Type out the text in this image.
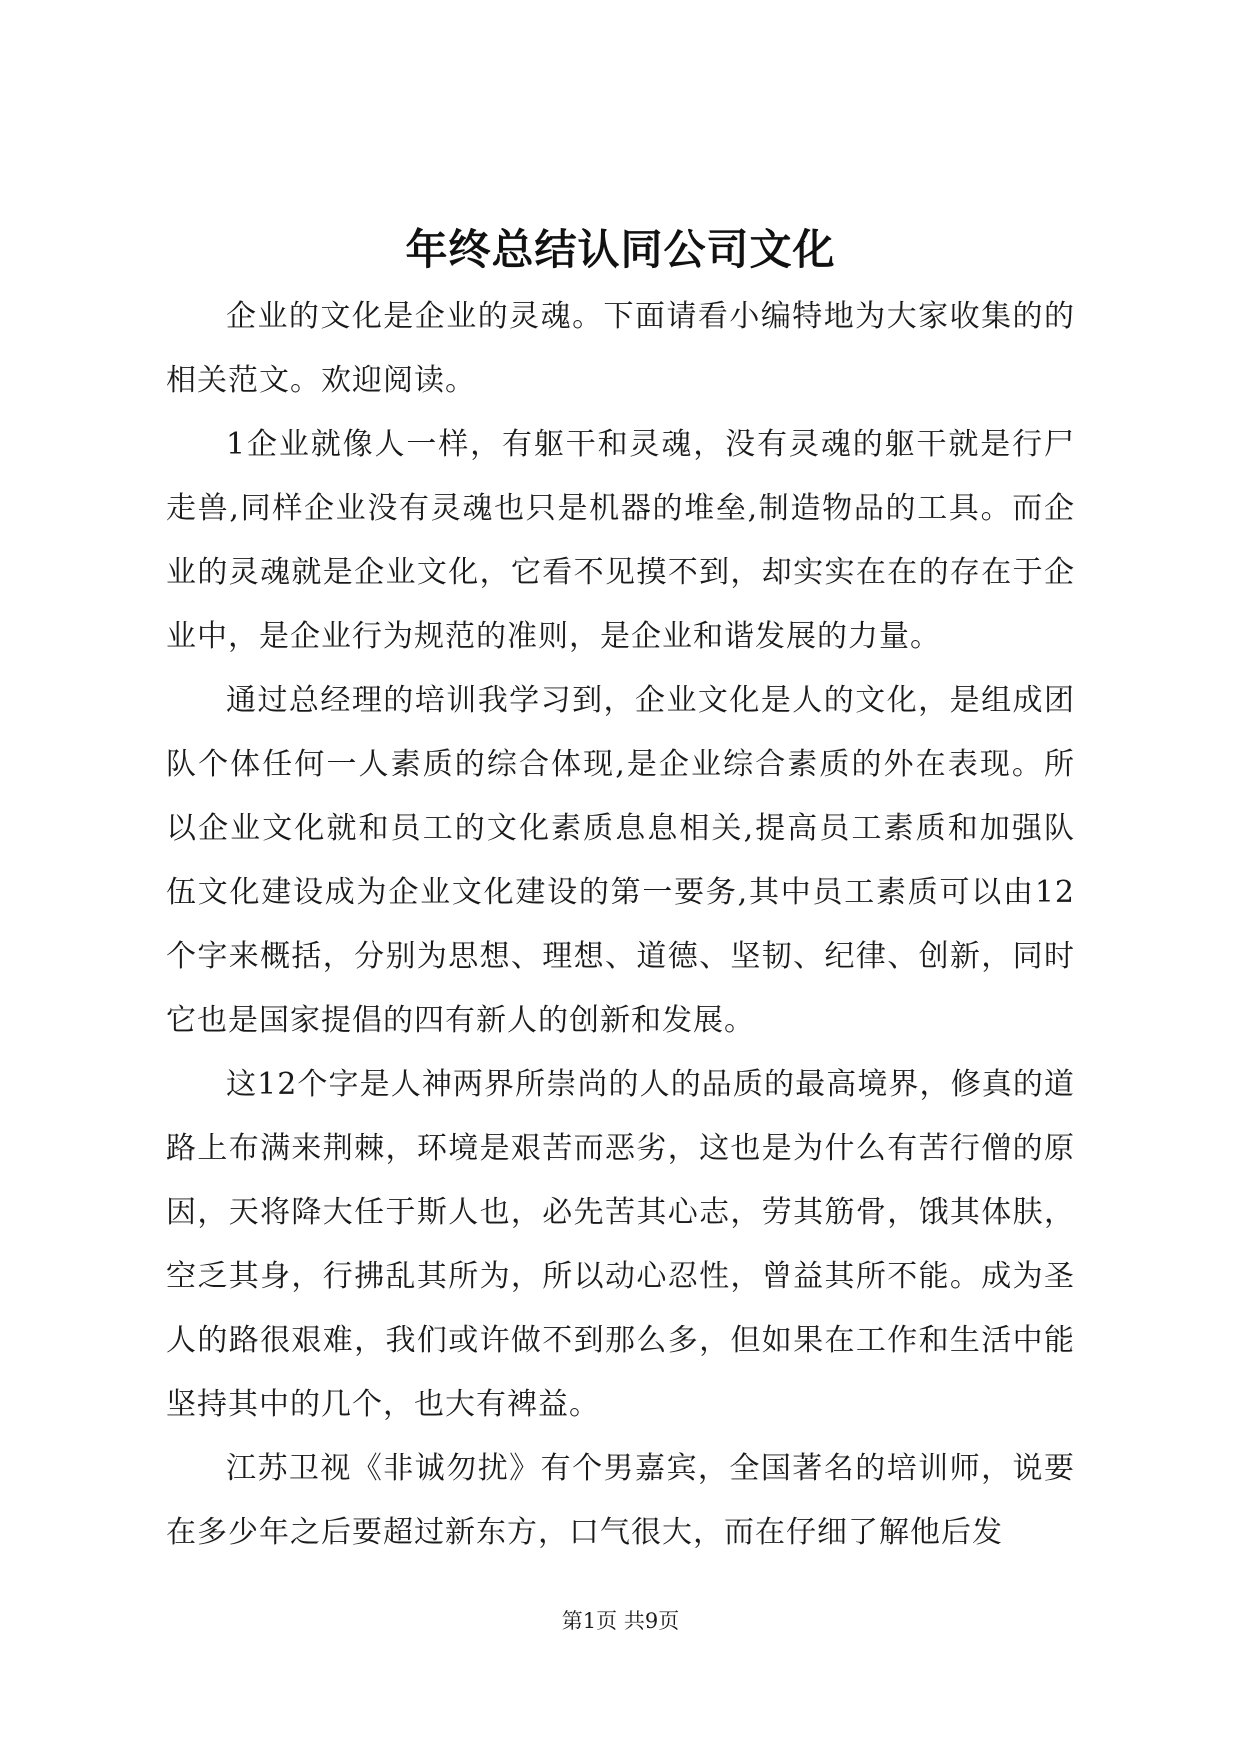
年终总结认同公司文化

企业的文化是企业的灵魂。下面请看小编特地为大家收集的的相关范文。欢迎阅读。

1企业就像人一样，有躯干和灵魂，没有灵魂的躯干就是行尸走兽,同样企业没有灵魂也只是机器的堆垒,制造物品的工具。而企业的灵魂就是企业文化，它看不见摸不到，却实实在在的存在于企业中，是企业行为规范的准则，是企业和谐发展的力量。

通过总经理的培训我学习到，企业文化是人的文化，是组成团队个体任何一人素质的综合体现,是企业综合素质的外在表现。所以企业文化就和员工的文化素质息息相关,提高员工素质和加强队伍文化建设成为企业文化建设的第一要务,其中员工素质可以由12个字来概括，分别为思想、理想、道德、坚韧、纪律、创新，同时它也是国家提倡的四有新人的创新和发展。

这12个字是人神两界所崇尚的人的品质的最高境界，修真的道路上布满来荆棘，环境是艰苦而恶劣，这也是为什么有苦行僧的原因，天将降大任于斯人也，必先苦其心志，劳其筋骨，饿其体肤，空乏其身，行拂乱其所为，所以动心忍性，曾益其所不能。成为圣人的路很艰难，我们或许做不到那么多，但如果在工作和生活中能坚持其中的几个，也大有裨益。

江苏卫视《非诚勿扰》有个男嘉宾，全国著名的培训师，说要在多少年之后要超过新东方，口气很大，而在仔细了解他后发

第1页 共9页
